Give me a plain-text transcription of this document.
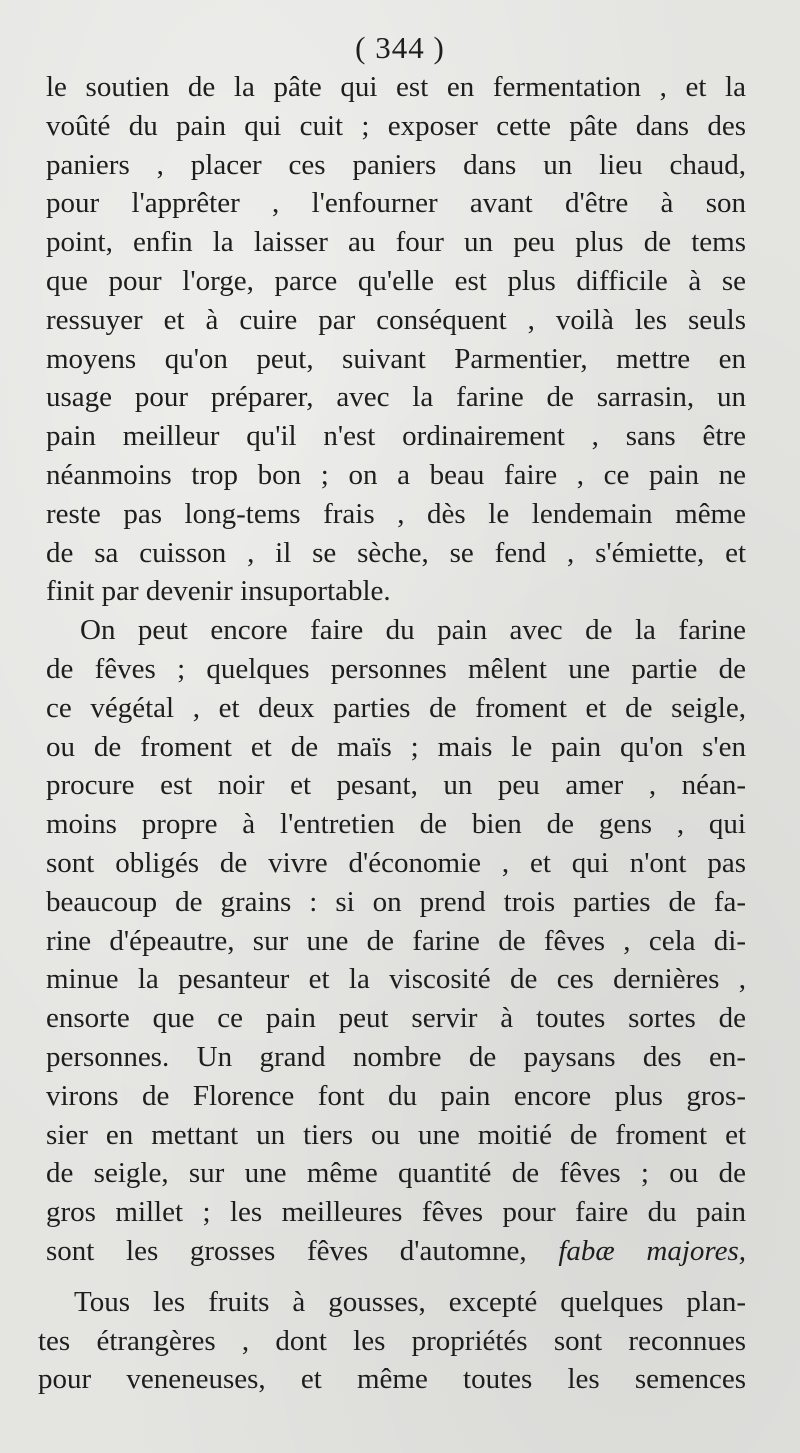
( 344 )
le soutien de la pâte qui est en fermentation , et la
voûté du pain qui cuit ; exposer cette pâte dans des
paniers , placer ces paniers dans un lieu chaud,
pour l'apprêter , l'enfourner avant d'être à son
point, enfin la laisser au four un peu plus de tems
que pour l'orge, parce qu'elle est plus difficile à se
ressuyer et à cuire par conséquent , voilà les seuls
moyens qu'on peut, suivant Parmentier, mettre en
usage pour préparer, avec la farine de sarrasin, un
pain meilleur qu'il n'est ordinairement , sans être
néanmoins trop bon ; on a beau faire , ce pain ne
reste pas long-tems frais , dès le lendemain même
de sa cuisson , il se sèche, se fend , s'émiette, et
finit par devenir insuportable.
On peut encore faire du pain avec de la farine
de fêves ; quelques personnes mêlent une partie de
ce végétal , et deux parties de froment et de seigle,
ou de froment et de maïs ; mais le pain qu'on s'en
procure est noir et pesant, un peu amer , néan-
moins propre à l'entretien de bien de gens , qui
sont obligés de vivre d'économie , et qui n'ont pas
beaucoup de grains : si on prend trois parties de fa-
rine d'épeautre, sur une de farine de fêves , cela di-
minue la pesanteur et la viscosité de ces dernières ,
ensorte que ce pain peut servir à toutes sortes de
personnes. Un grand nombre de paysans des en-
virons de Florence font du pain encore plus gros-
sier en mettant un tiers ou une moitié de froment et
de seigle, sur une même quantité de fêves ; ou de
gros millet ; les meilleures fêves pour faire du pain
sont les grosses fêves d'automne, fabæ majores,
Tous les fruits à gousses, excepté quelques plan-
tes étrangères , dont les propriétés sont reconnues
pour veneneuses, et même toutes les semences
